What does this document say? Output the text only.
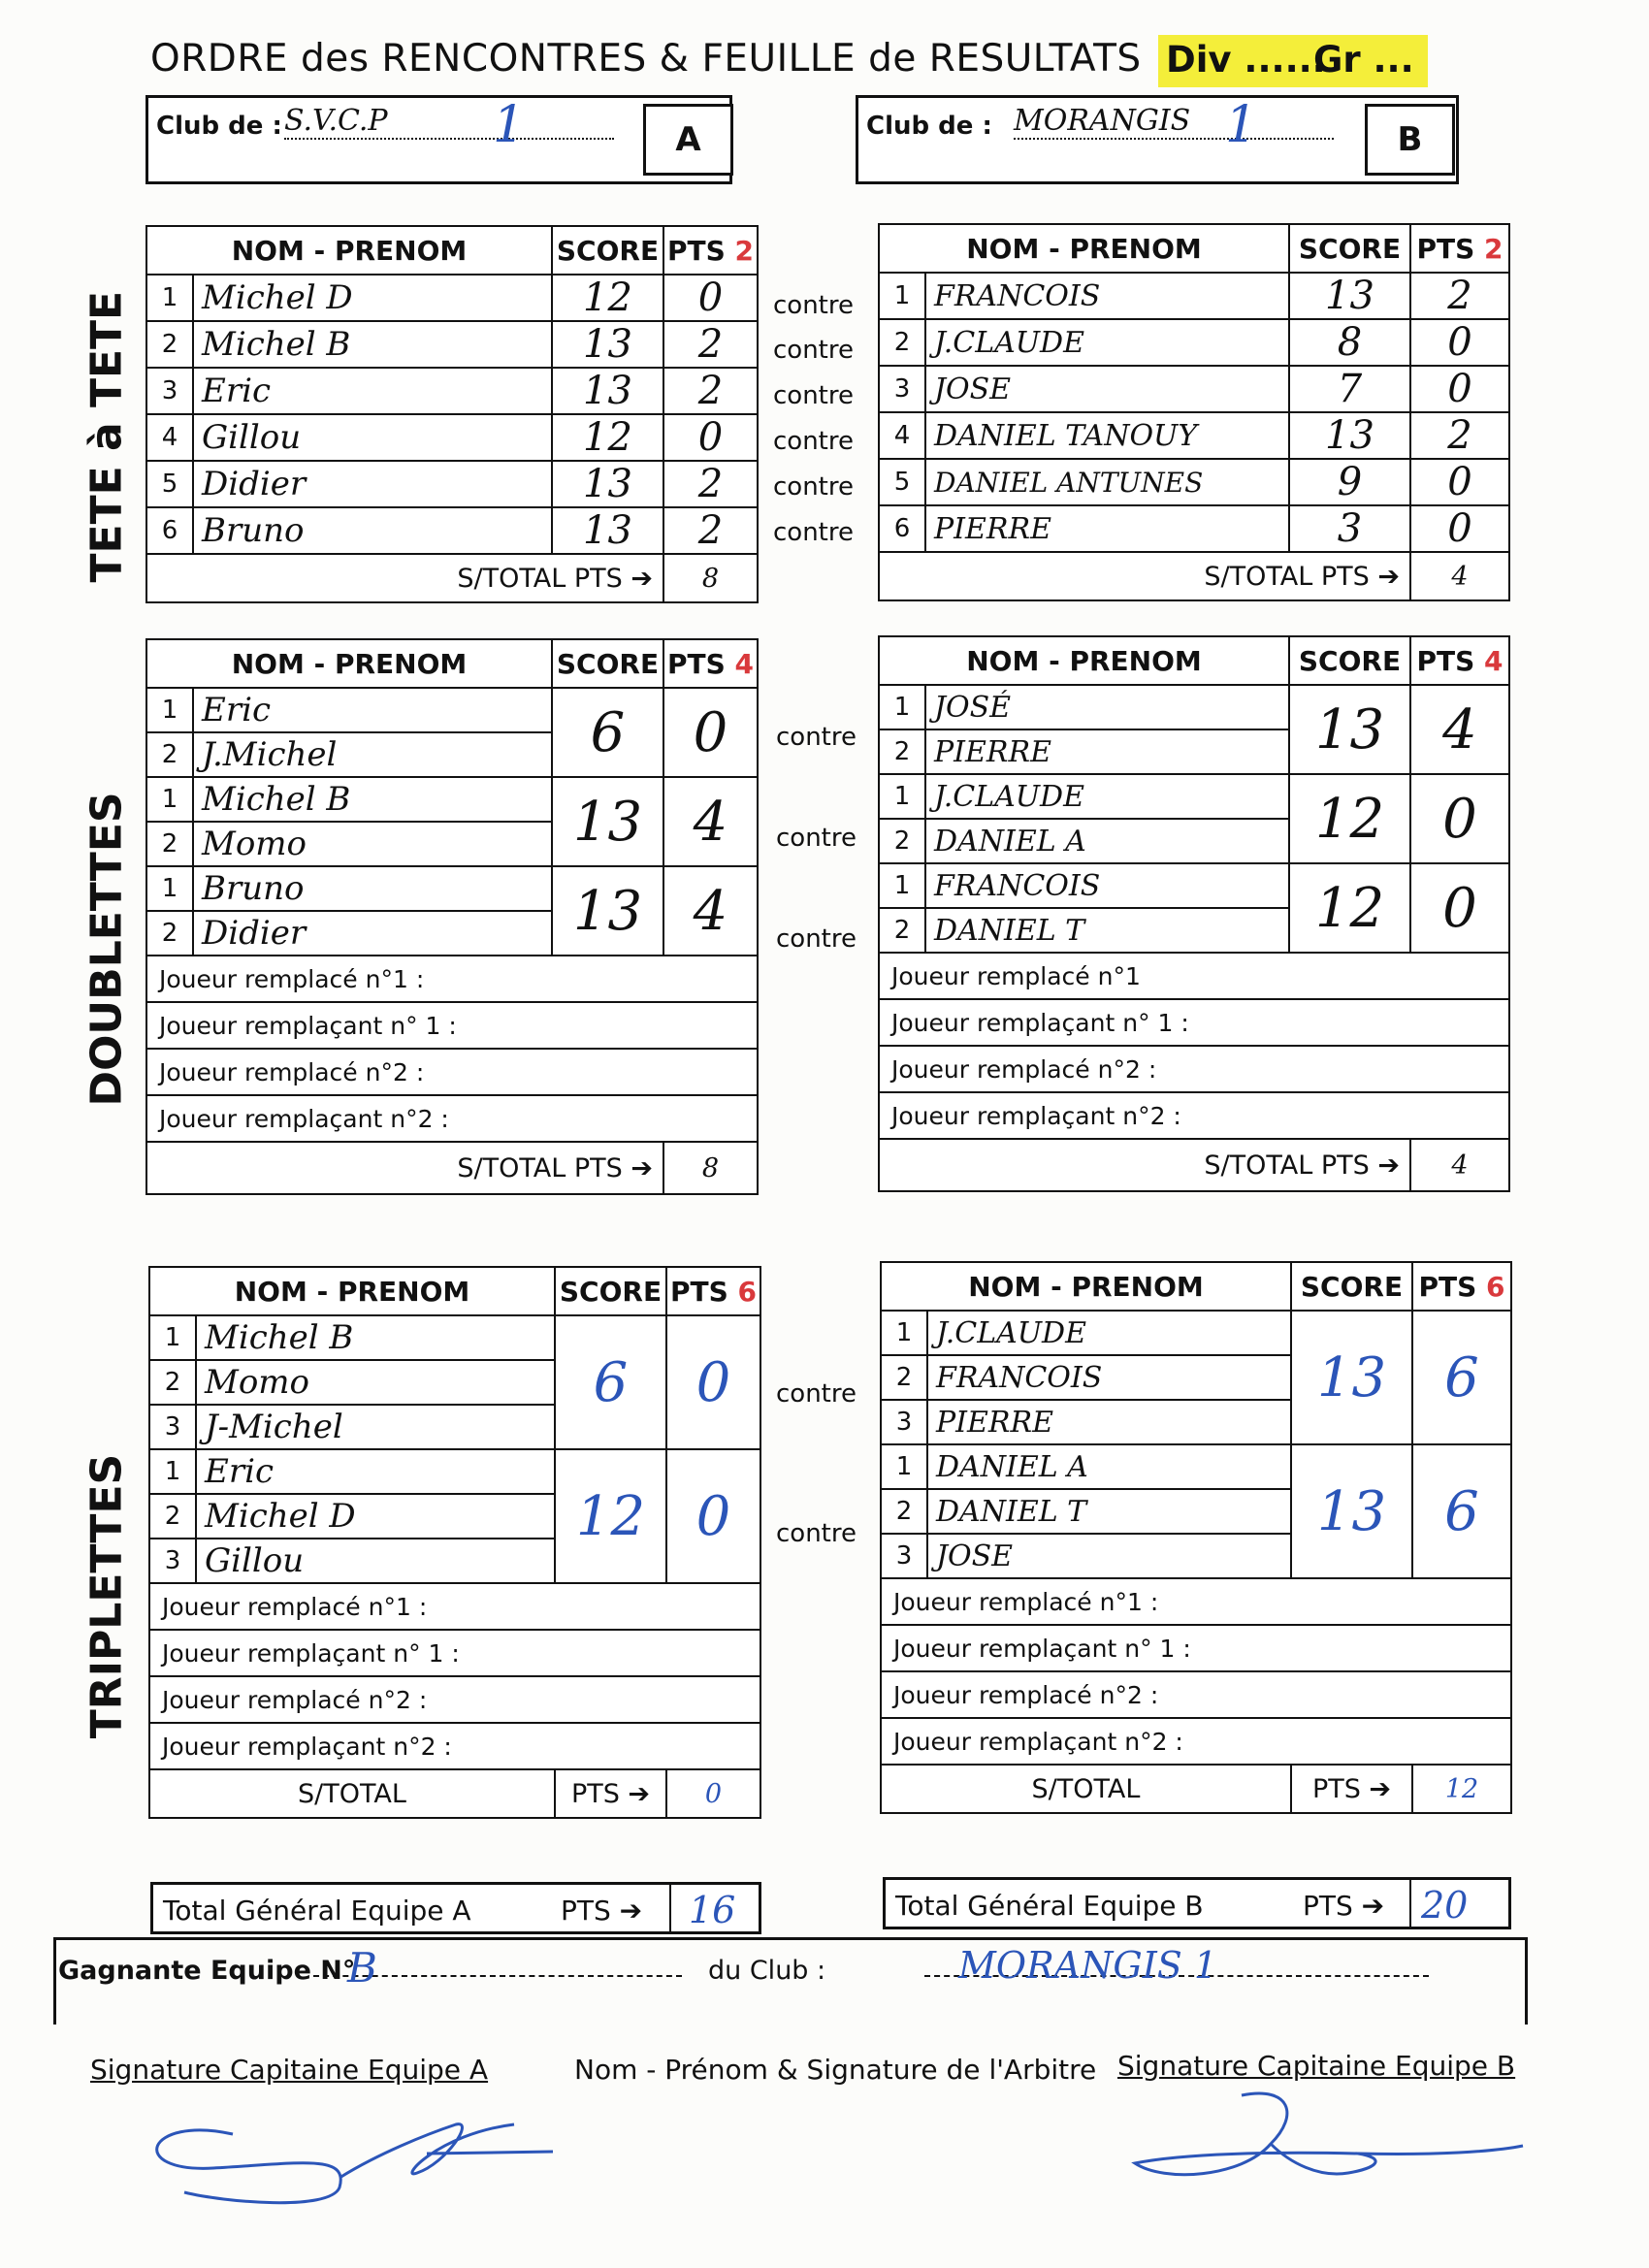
ORDRE des RENCONTRES & FEUILLE de RESULTATS Div ......
Gr ...
Club de : S.V.C.P	1	A	Club de : MORANGIS 1	B
TETE à TETE
DOUBLETTES
TRIPLETTES
NOM - PRENOM		SCORE	PTS 2
1	Michel D	12	0
2	Michel B	13	2
3	Eric	13	2
4	Gillou	12	0
5	Didier	13	2
6	Bruno	13	2
S/TOTAL PTS ➔			8
contre
contre
contre
contre
contre
contre
NOM - PRENOM		SCORE	PTS 2
1	FRANCOIS	13	2
2	J.CLAUDE	8	0
3	JOSE	7	0
4	DANIEL TANOUY	13	2
5	DANIEL ANTUNES	9	0
6	PIERRE	3	0
S/TOTAL PTS ➔			4
NOM - PRENOM		SCORE	PTS 4
1	Eric	6	0
2	J.Michel		
1	Michel B	13	4
2	Momo		
1	Bruno	13	4
2	Didier		
Joueur remplacé n°1 :			
Joueur remplaçant n° 1 :			
Joueur remplacé n°2 :			
Joueur remplaçant n°2 :			
S/TOTAL PTS ➔			8
contre
contre
contre
NOM - PRENOM		SCORE	PTS 4
1	JOSÉ	13	4
2	PIERRE		
1	J.CLAUDE	12	0
2	DANIEL A		
1	FRANCOIS	12	0
2	DANIEL T		
Joueur remplacé n°1			
Joueur remplaçant n° 1 :			
Joueur remplacé n°2 :			
Joueur remplaçant n°2 :			
S/TOTAL PTS ➔			4
NOM - PRENOM		SCORE	PTS 6
1	Michel B	6	0
2	Momo		
3	J-Michel		
1	Eric	12	0
2	Michel D		
3	Gillou		
Joueur remplacé n°1 :			
Joueur remplaçant n° 1 :			
Joueur remplacé n°2 :			
Joueur remplaçant n°2 :			
S/TOTAL		PTS ➔	0
contre
contre
NOM - PRENOM		SCORE	PTS 6
1	J.CLAUDE	13	6
2	FRANCOIS		
3	PIERRE		
1	DANIEL A	13	6
2	DANIEL T		
3	JOSE		
Joueur remplacé n°1 :			
Joueur remplaçant n° 1 :			
Joueur remplacé n°2 :			
Joueur remplaçant n°2 :			
S/TOTAL		PTS ➔	12
Total Général Equipe A	PTS ➔ 16	Total Général Equipe B	PTS ➔ 20
Gagnante Equipe N°
B	du Club :	MORANGIS 1
Signature Capitaine Equipe A	Nom - Prénom & Signature de l'Arbitre Signature Capitaine Equipe B
